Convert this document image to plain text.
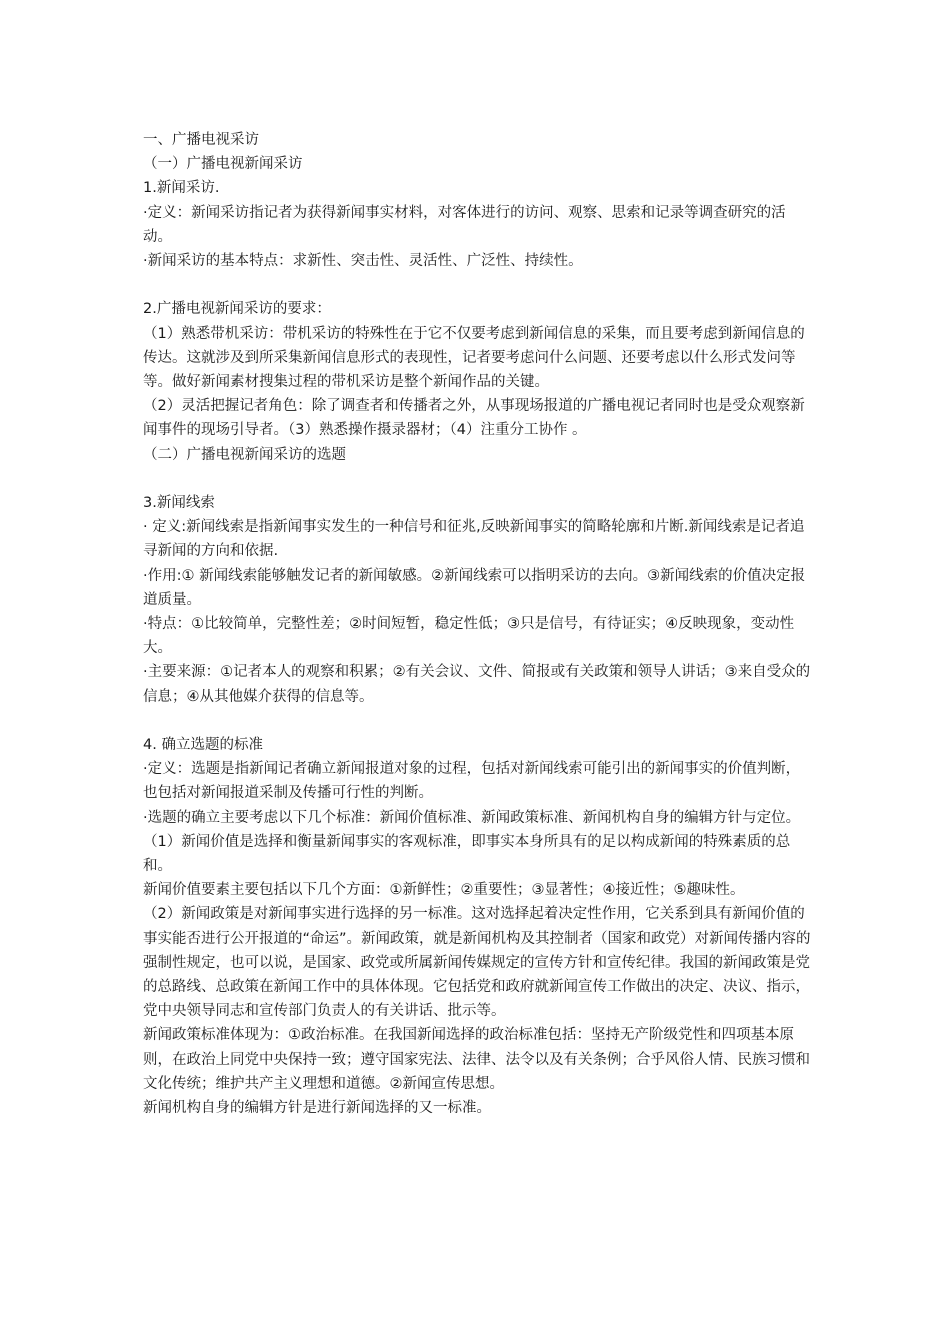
一、广播电视采访

（一）广播电视新闻采访

1.新闻采访.

·定义：新闻采访指记者为获得新闻事实材料，对客体进行的访问、观察、思索和记录等调查研究的活动。

·新闻采访的基本特点：求新性、突击性、灵活性、广泛性、持续性。

2.广播电视新闻采访的要求：

（1）熟悉带机采访：带机采访的特殊性在于它不仅要考虑到新闻信息的采集，而且要考虑到新闻信息的传达。这就涉及到所采集新闻信息形式的表现性，记者要考虑问什么问题、还要考虑以什么形式发问等等。做好新闻素材搜集过程的带机采访是整个新闻作品的关键。

（2）灵活把握记者角色：除了调查者和传播者之外，从事现场报道的广播电视记者同时也是受众观察新闻事件的现场引导者。（3）熟悉操作摄录器材；（4）注重分工协作 。

（二）广播电视新闻采访的选题

3.新闻线索

· 定义:新闻线索是指新闻事实发生的一种信号和征兆,反映新闻事实的简略轮廓和片断.新闻线索是记者追寻新闻的方向和依据.

·作用:① 新闻线索能够触发记者的新闻敏感。②新闻线索可以指明采访的去向。③新闻线索的价值决定报道质量。

·特点：①比较简单，完整性差；②时间短暂，稳定性低；③只是信号，有待证实；④反映现象，变动性大。

·主要来源：①记者本人的观察和积累；②有关会议、文件、简报或有关政策和领导人讲话；③来自受众的信息；④从其他媒介获得的信息等。

4. 确立选题的标准

·定义：选题是指新闻记者确立新闻报道对象的过程，包括对新闻线索可能引出的新闻事实的价值判断，也包括对新闻报道采制及传播可行性的判断。

·选题的确立主要考虑以下几个标准：新闻价值标准、新闻政策标准、新闻机构自身的编辑方针与定位。

（1）新闻价值是选择和衡量新闻事实的客观标准，即事实本身所具有的足以构成新闻的特殊素质的总和。

新闻价值要素主要包括以下几个方面：①新鲜性；②重要性；③显著性；④接近性；⑤趣味性。

（2）新闻政策是对新闻事实进行选择的另一标准。这对选择起着决定性作用，它关系到具有新闻价值的事实能否进行公开报道的“命运”。新闻政策，就是新闻机构及其控制者（国家和政党）对新闻传播内容的强制性规定，也可以说，是国家、政党或所属新闻传媒规定的宣传方针和宣传纪律。我国的新闻政策是党的总路线、总政策在新闻工作中的具体体现。它包括党和政府就新闻宣传工作做出的决定、决议、指示，党中央领导同志和宣传部门负责人的有关讲话、批示等。

新闻政策标准体现为：①政治标准。在我国新闻选择的政治标准包括：坚持无产阶级党性和四项基本原则，在政治上同党中央保持一致；遵守国家宪法、法律、法令以及有关条例；合乎风俗人情、民族习惯和文化传统；维护共产主义理想和道德。②新闻宣传思想。

新闻机构自身的编辑方针是进行新闻选择的又一标准。
